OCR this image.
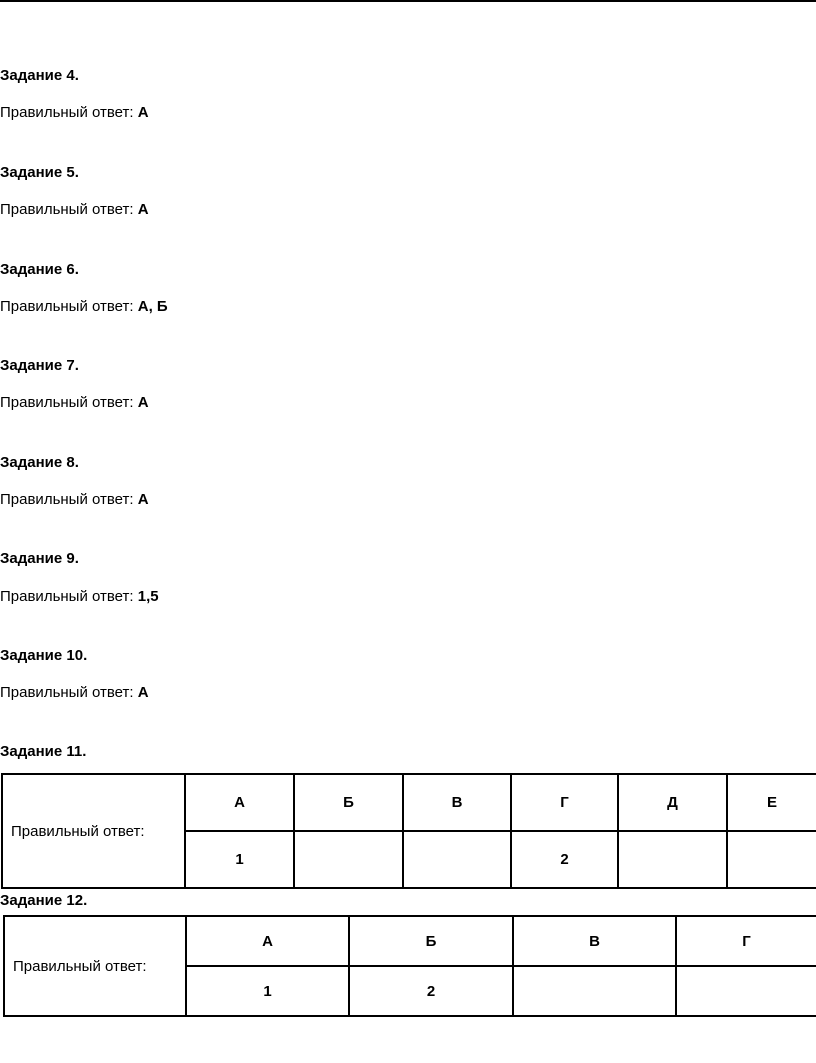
Задание 4.
Правильный ответ: А
Задание 5.
Правильный ответ: А
Задание 6.
Правильный ответ: А, Б
Задание 7.
Правильный ответ: А
Задание 8.
Правильный ответ: А
Задание 9.
Правильный ответ: 1,5
Задание 10.
Правильный ответ: А
Задание 11.
Правильный ответ:	А	Б	В	Г	Д	Е
	1			2		
Задание 12.
Правильный ответ:	А	Б	В	Г
	1	2		
